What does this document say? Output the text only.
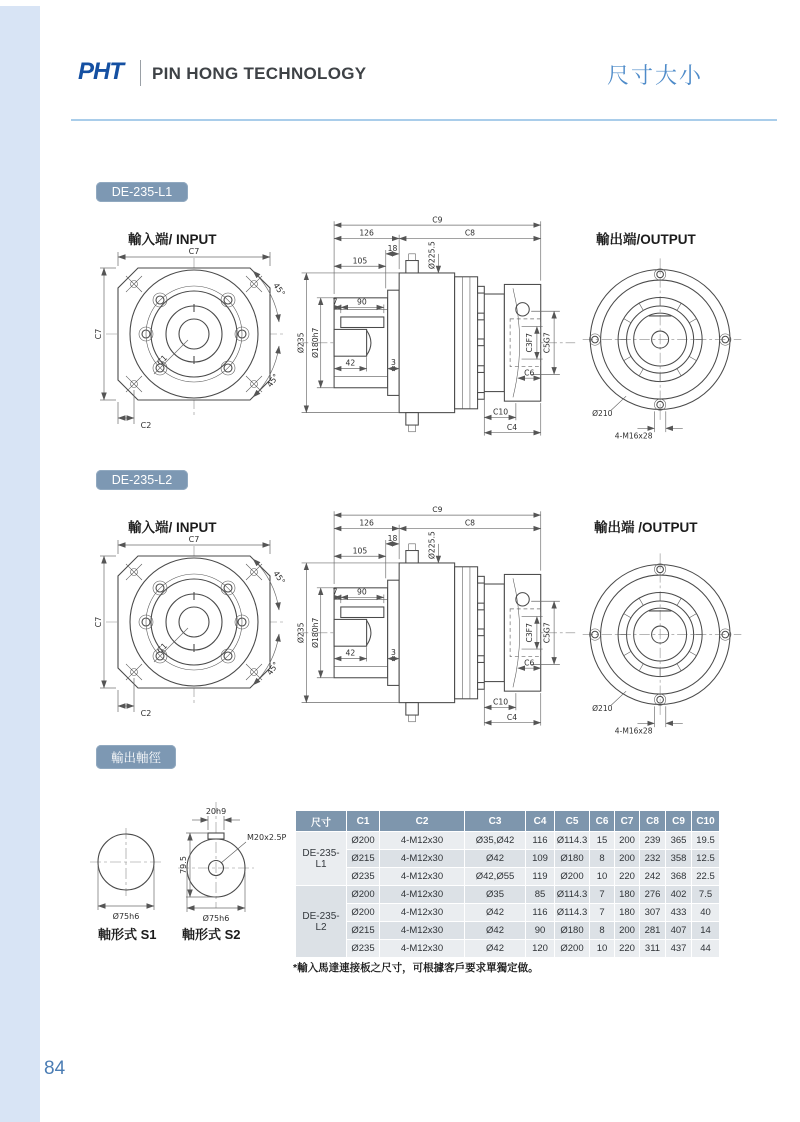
PHT PIN HONG TECHNOLOGY	尺寸大小
DE-235-L1
輸入端/ INPUT	輸出端/OUTPUT
C7
C7
C1
C2
45°
45°
C9
126	C8
18
105	Ø225.5
7 90
42	3
Ø235 Ø180h7	C3F7 C5G7
C6
C10
C4
Ø210
4-M16x28
DE-235-L2
輸入端/ INPUT	輸出端 /OUTPUT
C7
C7
C1
C2
45°
45°
C9
126	C8
18
105	Ø225.5
7 90
42	3
Ø235 Ø180h7	C3F7 C5G7
C6
C10
C4
Ø210
4-M16x28
輸出軸徑
Ø75h6
20h9
79.5
M20x2.5P
Ø75h6
軸形式 S1 軸形式 S2
尺寸	C1	C2	C3	C4	C5	C6	C7	C8	C9	C10
DE-235-L1	Ø200	4-M12x30	Ø35,Ø42	116	Ø114.3	15	200	239	365	19.5
	Ø215	4-M12x30	Ø42	109	Ø180	8	200	232	358	12.5
	Ø235	4-M12x30	Ø42,Ø55	119	Ø200	10	220	242	368	22.5
DE-235-L2	Ø200	4-M12x30	Ø35	85	Ø114.3	7	180	276	402	7.5
	Ø200	4-M12x30	Ø42	116	Ø114.3	7	180	307	433	40
	Ø215	4-M12x30	Ø42	90	Ø180	8	200	281	407	14
	Ø235	4-M12x30	Ø42	120	Ø200	10	220	311	437	44
*輸入馬達連接板之尺寸，可根據客戶要求單獨定做。
84
